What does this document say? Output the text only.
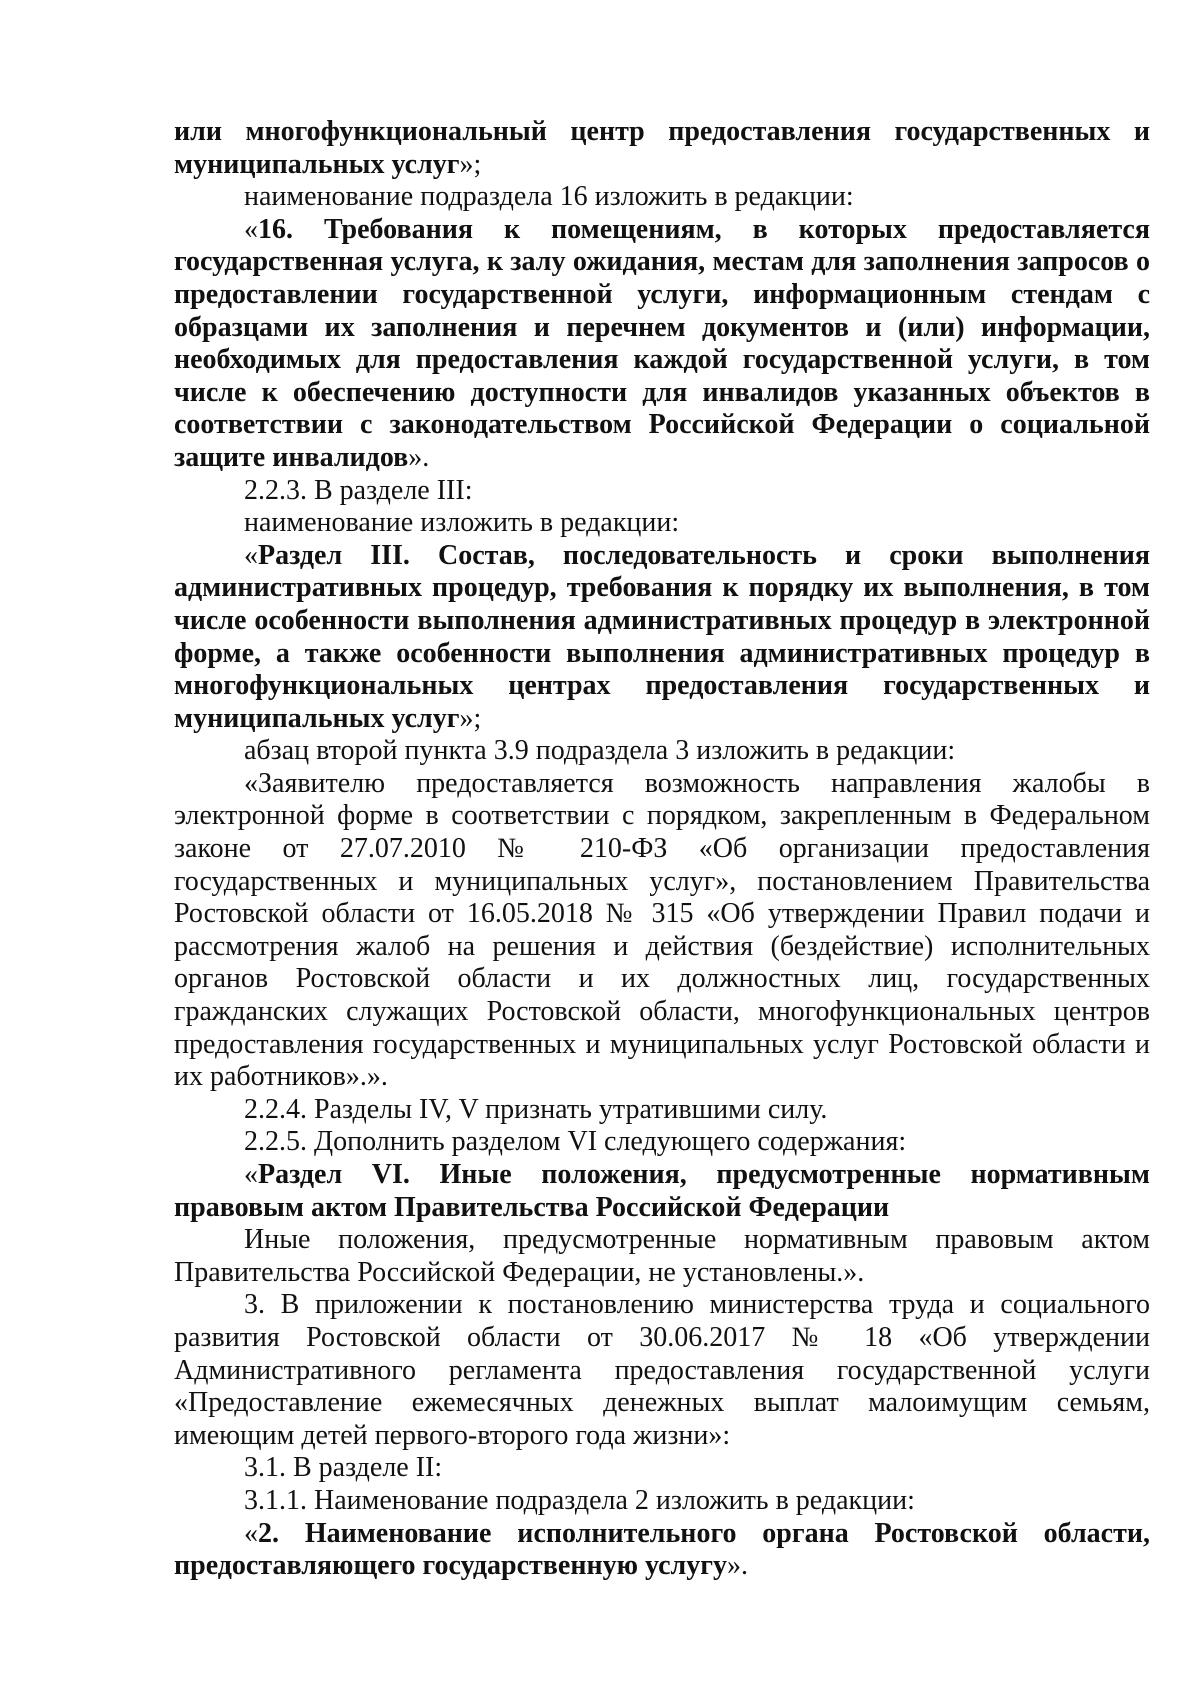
или многофункциональный центр предоставления государственных и муниципальных услуг»;

наименование подраздела 16 изложить в редакции:

«16. Требования к помещениям, в которых предоставляется государственная услуга, к залу ожидания, местам для заполнения запросов о предоставлении государственной услуги, информационным стендам с образцами их заполнения и перечнем документов и (или) информации, необходимых для предоставления каждой государственной услуги, в том числе к обеспечению доступности для инвалидов указанных объектов в соответствии с законодательством Российской Федерации о социальной защите инвалидов».

2.2.3. В разделе III:

наименование изложить в редакции:

«Раздел III. Состав, последовательность и сроки выполнения административных процедур, требования к порядку их выполнения, в том числе особенности выполнения административных процедур в электронной форме, а также особенности выполнения административных процедур в многофункциональных центрах предоставления государственных и муниципальных услуг»;

абзац второй пункта 3.9 подраздела 3 изложить в редакции:

«Заявителю предоставляется возможность направления жалобы в электронной форме в соответствии с порядком, закрепленным в Федеральном законе от 27.07.2010 № 210-ФЗ «Об организации предоставления государственных и муниципальных услуг», постановлением Правительства Ростовской области от 16.05.2018 № 315 «Об утверждении Правил подачи и рассмотрения жалоб на решения и действия (бездействие) исполнительных органов Ростовской области и их должностных лиц, государственных гражданских служащих Ростовской области, многофункциональных центров предоставления государственных и муниципальных услуг Ростовской области и их работников».».

2.2.4. Разделы IV, V признать утратившими силу.

2.2.5. Дополнить разделом VI следующего содержания:

«Раздел VI. Иные положения, предусмотренные нормативным правовым актом Правительства Российской Федерации

Иные положения, предусмотренные нормативным правовым актом Правительства Российской Федерации, не установлены.».

3. В приложении к постановлению министерства труда и социального развития Ростовской области от 30.06.2017 № 18 «Об утверждении Административного регламента предоставления государственной услуги «Предоставление ежемесячных денежных выплат малоимущим семьям, имеющим детей первого-второго года жизни»:

3.1. В разделе II:

3.1.1. Наименование подраздела 2 изложить в редакции:

«2. Наименование исполнительного органа Ростовской области, предоставляющего государственную услугу».
